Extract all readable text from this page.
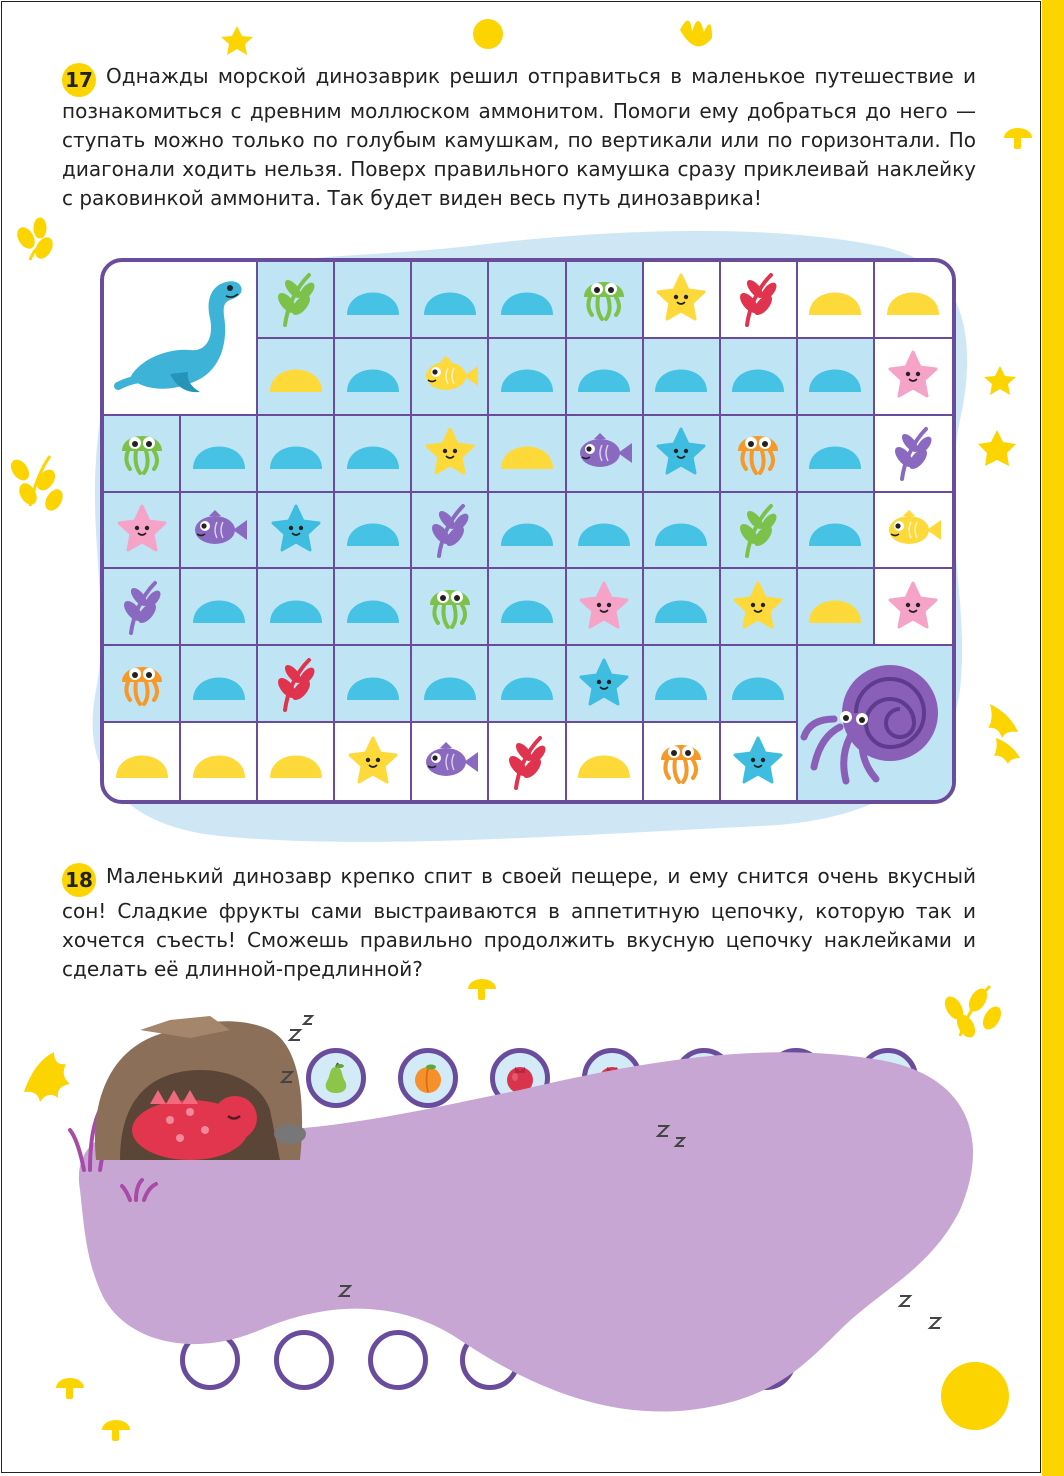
17 Однажды морской динозаврик решил отправиться в маленькое путешествие и познакомиться с древним моллюском аммонитом. Помоги ему добраться до него — ступать можно только по голубым камушкам, по вертикали или по горизонтали. По диагонали ходить нельзя. Поверх правильного камушка сразу приклеивай наклейку с раковинкой аммонита. Так будет виден весь путь динозаврика!
18 Маленький динозавр крепко спит в своей пещере, и ему снится очень вкусный сон! Сладкие фрукты сами выстраиваются в аппетитную цепочку, которую так и хочется съесть! Сможешь правильно продолжить вкусную цепочку наклейками и сделать её длинной-предлинной?
